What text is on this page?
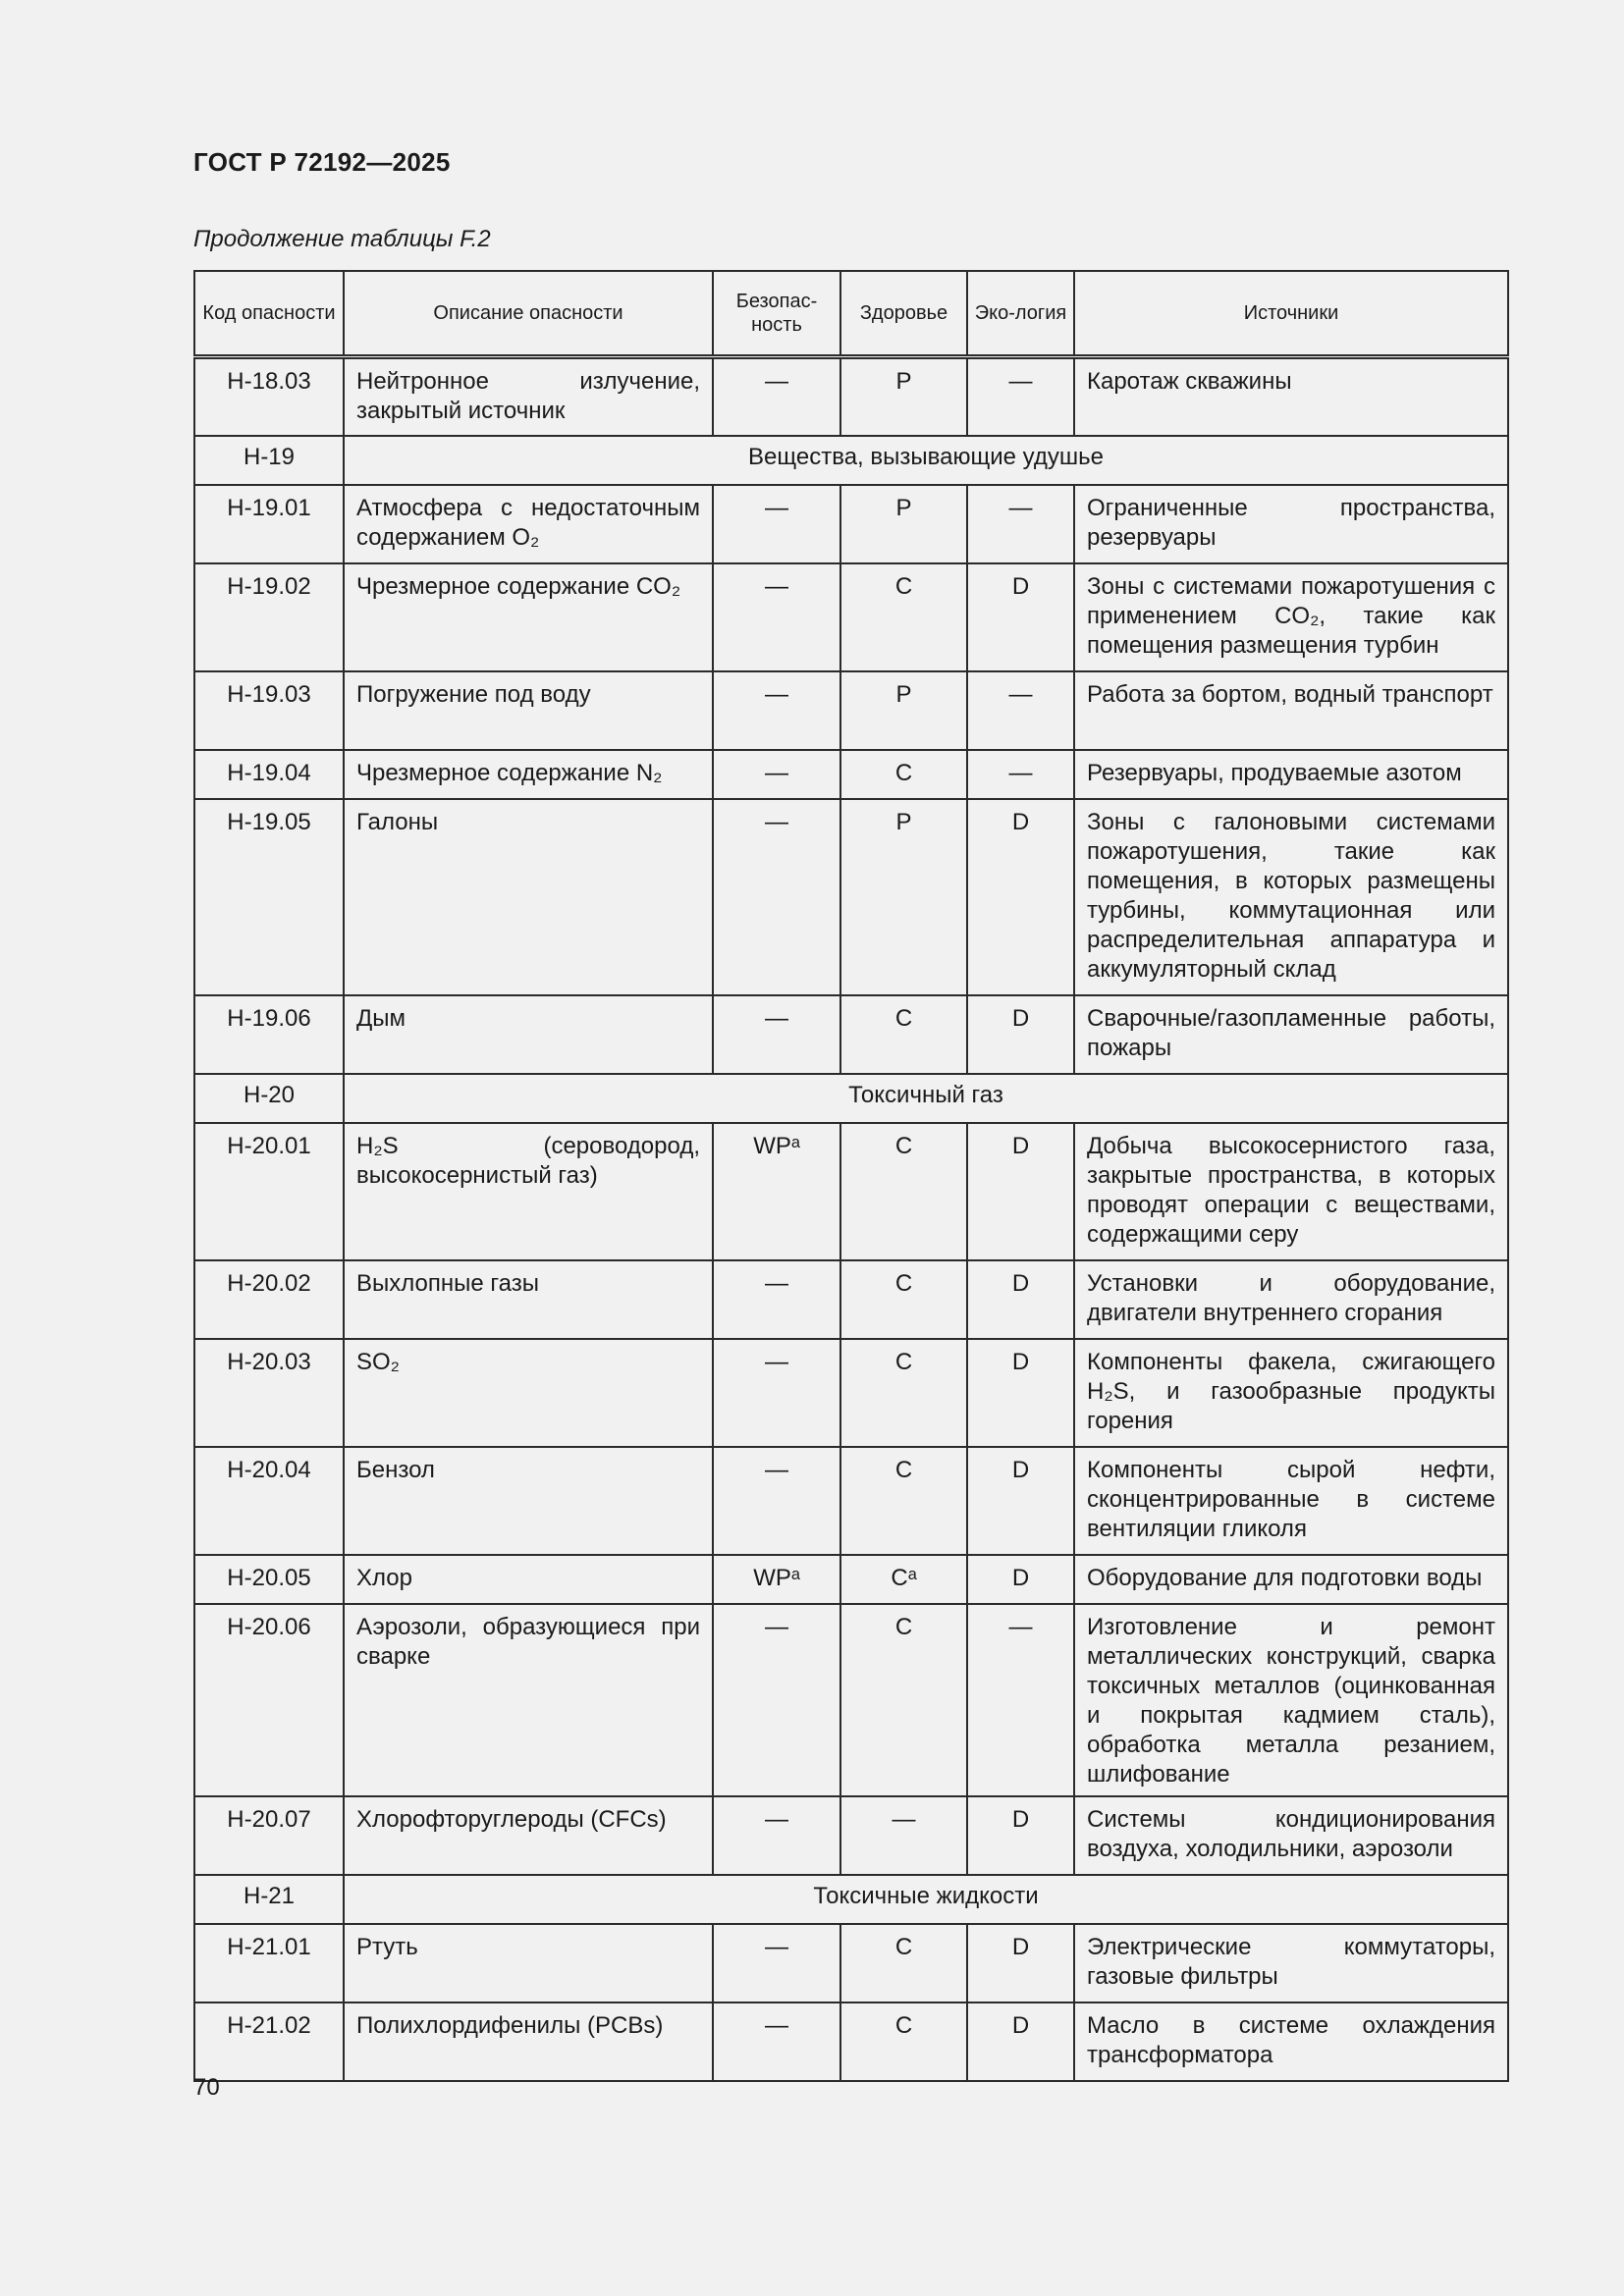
ГОСТ Р 72192—2025
Продолжение таблицы F.2
Код опасности	Описание опасности	Безопас-ность	Здоровье	Эко-логия	Источники
H-18.03	Нейтронное излучение, закрытый источник	—	P	—	Каротаж скважины
H-19	Вещества, вызывающие удушье				
H-19.01	Атмосфера с недостаточным содержанием O₂	—	P	—	Ограниченные пространства, резервуары
H-19.02	Чрезмерное содержание CO₂	—	C	D	Зоны с системами пожаротушения с применением CO₂, такие как помещения размещения турбин
H-19.03	Погружение под воду	—	P	—	Работа за бортом, водный транспорт
H-19.04	Чрезмерное содержание N₂	—	C	—	Резервуары, продуваемые азотом
H-19.05	Галоны	—	P	D	Зоны с галоновыми системами пожаротушения, такие как помещения, в которых размещены турбины, коммутационная или распределительная аппаратура и аккумуляторный склад
H-19.06	Дым	—	C	D	Сварочные/газопламенные работы, пожары
H-20	Токсичный газ				
H-20.01	H₂S (сероводород, высокосернистый газ)	WPᵃ	C	D	Добыча высокосернистого газа, закрытые пространства, в которых проводят операции с веществами, содержащими серу
H-20.02	Выхлопные газы	—	C	D	Установки и оборудование, двигатели внутреннего сгорания
H-20.03	SO₂	—	C	D	Компоненты факела, сжигающего H₂S, и газообразные продукты горения
H-20.04	Бензол	—	C	D	Компоненты сырой нефти, сконцентрированные в системе вентиляции гликоля
H-20.05	Хлор	WPᵃ	Cᵃ	D	Оборудование для подготовки воды
H-20.06	Аэрозоли, образующиеся при сварке	—	C	—	Изготовление и ремонт металлических конструкций, сварка токсичных металлов (оцинкованная и покрытая кадмием сталь), обработка металла резанием, шлифование
H-20.07	Хлорофторуглероды (CFCs)	—	—	D	Системы кондиционирования воздуха, холодильники, аэрозоли
H-21	Токсичные жидкости				
H-21.01	Ртуть	—	C	D	Электрические коммутаторы, газовые фильтры
H-21.02	Полихлордифенилы (PCBs)	—	C	D	Масло в системе охлаждения трансформатора
70
